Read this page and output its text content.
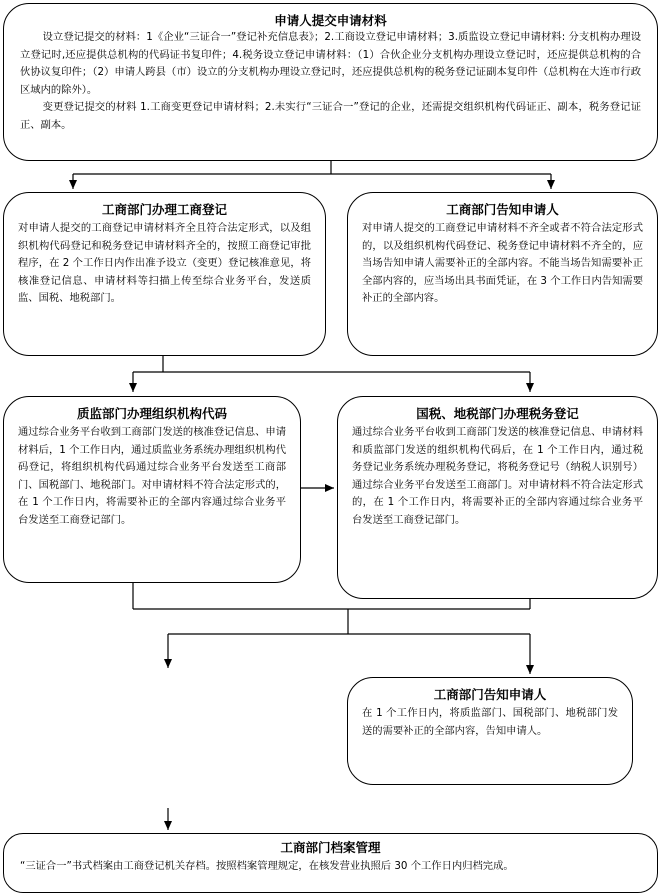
申请人提交申请材料

设立登记提交的材料：1《企业“三证合一”登记补充信息表》；2.工商设立登记申请材料；3.质监设立登记申请材料: 分支机构办理设立登记时,还应提供总机构的代码证书复印件；4.税务设立登记申请材料：（1）合伙企业分支机构办理设立登记时，还应提供总机构的合伙协议复印件；（2）申请人跨县（市）设立的分支机构办理设立登记时，还应提供总机构的税务登记证副本复印件（总机构在大连市行政区域内的除外）。

变更登记提交的材料 1.工商变更登记申请材料；2.未实行“三证合一”登记的企业，还需提交组织机构代码证正、副本，税务登记证正、副本。

工商部门办理工商登记
对申请人提交的工商登记申请材料齐全且符合法定形式，以及组织机构代码登记和税务登记申请材料齐全的，按照工商登记审批程序，在 2 个工作日内作出准予设立（变更）登记核准意见，将核准登记信息、申请材料等扫描上传至综合业务平台，发送质监、国税、地税部门。
工商部门告知申请人
对申请人提交的工商登记申请材料不齐全或者不符合法定形式的，以及组织机构代码登记、税务登记申请材料不齐全的，应当场告知申请人需要补正的全部内容。不能当场告知需要补正全部内容的，应当场出具书面凭证，在 3 个工作日内告知需要补正的全部内容。
质监部门办理组织机构代码
通过综合业务平台收到工商部门发送的核准登记信息、申请材料后，1 个工作日内，通过质监业务系统办理组织机构代码登记，将组织机构代码通过综合业务平台发送至工商部门、国税部门、地税部门。对申请材料不符合法定形式的，在 1 个工作日内，将需要补正的全部内容通过综合业务平台发送至工商登记部门。
国税、地税部门办理税务登记
通过综合业务平台收到工商部门发送的核准登记信息、申请材料和质监部门发送的组织机构代码后，在 1 个工作日内，通过税务登记业务系统办理税务登记，将税务登记号（纳税人识别号）通过综合业务平台发送至工商部门。对申请材料不符合法定形式的，在 1 个工作日内，将需要补正的全部内容通过综合业务平台发送至工商登记部门。
工商部门告知申请人
在 1 个工作日内，将质监部门、国税部门、地税部门发送的需要补正的全部内容，告知申请人。
工商部门档案管理
“三证合一”书式档案由工商登记机关存档。按照档案管理规定，在核发营业执照后 30 个工作日内归档完成。
